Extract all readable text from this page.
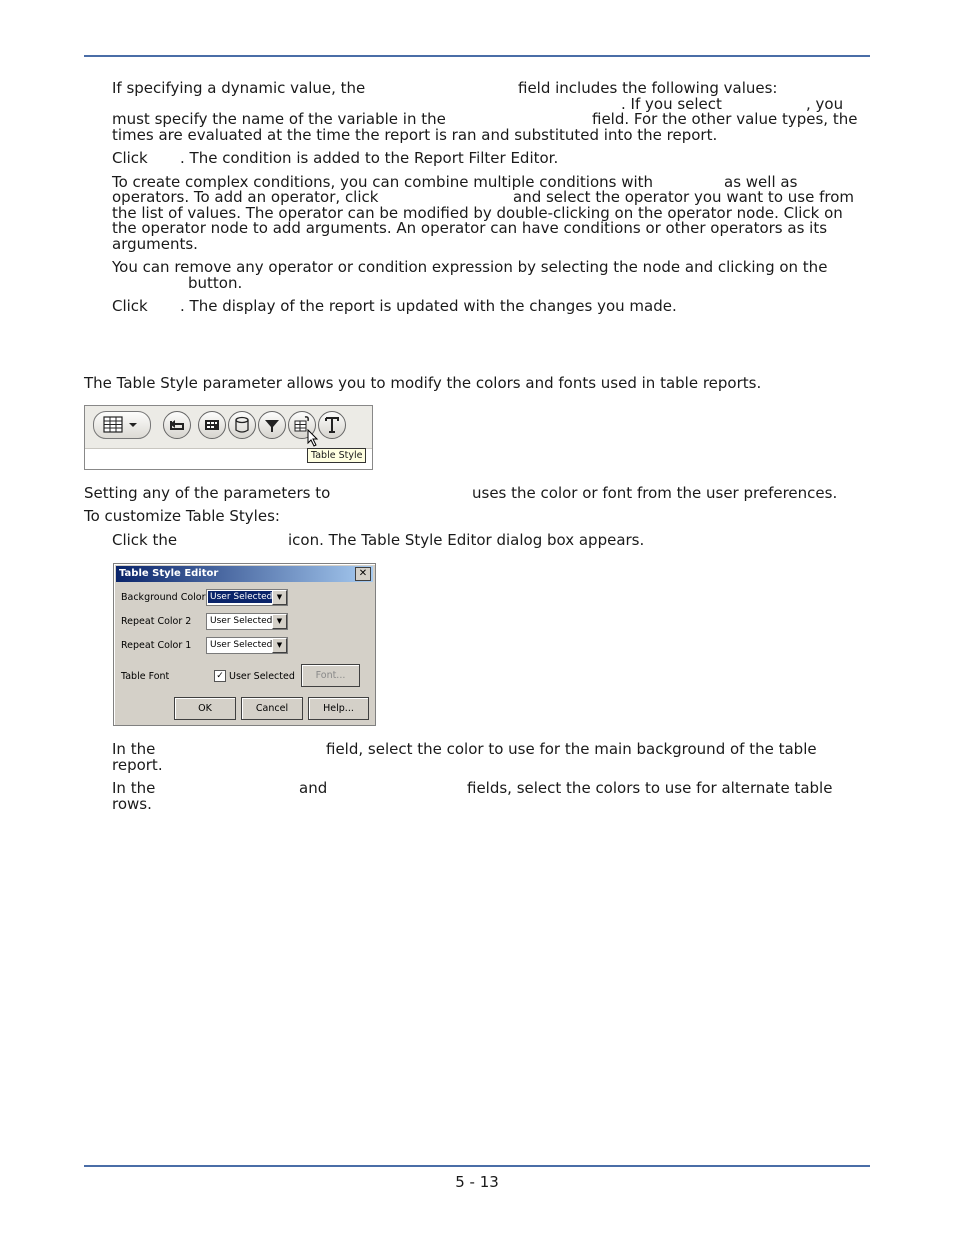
If specifying a dynamic value, the	field includes the following values:
. If you select	, you
must specify the name of the variable in the	field. For the other value types, the
times are evaluated at the time the report is ran and substituted into the report.
Click . The condition is added to the Report Filter Editor.
To create complex conditions, you can combine multiple conditions with	as well as
operators. To add an operator, click	and select the operator you want to use from
the list of values. The operator can be modified by double-clicking on the operator node. Click on
the operator node to add arguments. An operator can have conditions or other operators as its
arguments.
You can remove any operator or condition expression by selecting the node and clicking on the
button.
Click . The display of the report is updated with the changes you made.
The Table Style parameter allows you to modify the colors and fonts used in table reports.
Table Style
Setting any of the parameters to	uses the color or font from the user preferences.
To customize Table Styles:
Click the	icon. The Table Style Editor dialog box appears.
Table Style Editor	✕
Background Color User Selected ▼
Repeat Color 2 User Selected ▼
Repeat Color 1 User Selected ▼
Table Font	✓ User Selected	Font...
OK	Cancel	Help...
In the	field, select the color to use for the main background of the table
report.
In the	and	fields, select the colors to use for alternate table
rows.
5 - 13
